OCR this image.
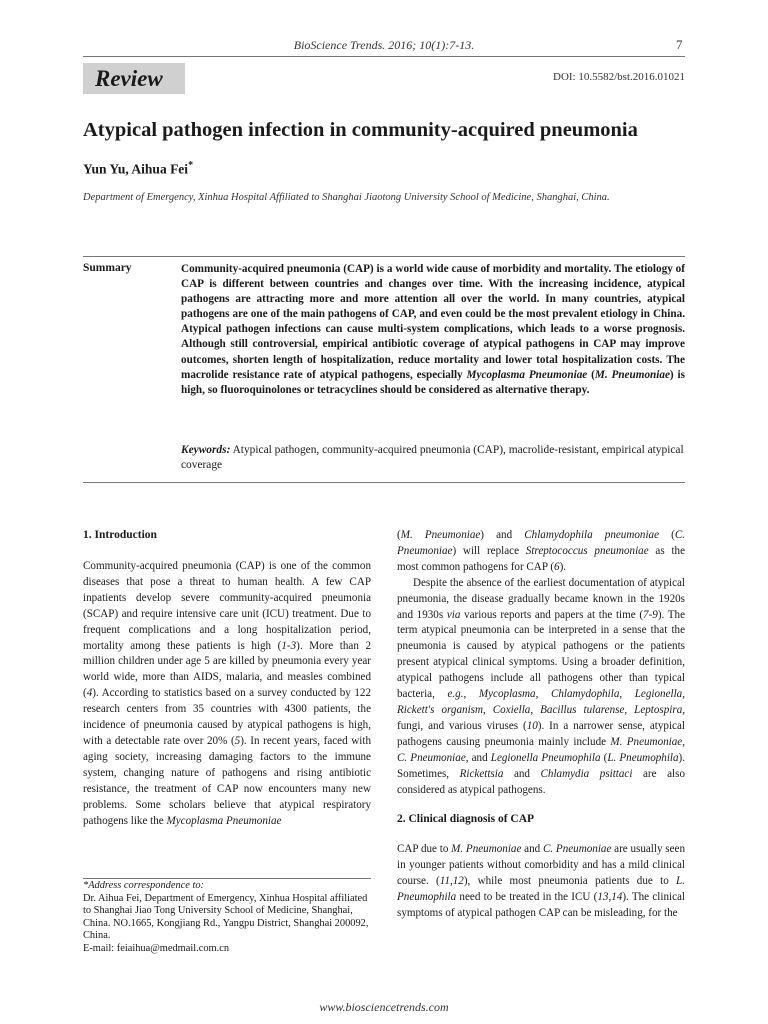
BioScience Trends. 2016; 10(1):7-13.	7
Review	DOI: 10.5582/bst.2016.01021
Atypical pathogen infection in community-acquired pneumonia
Yun Yu, Aihua Fei*
Department of Emergency, Xinhua Hospital Affiliated to Shanghai Jiaotong University School of Medicine, Shanghai, China.
Summary	Community-acquired pneumonia (CAP) is a world wide cause of morbidity and mortality. The etiology of CAP is different between countries and changes over time. With the increasing incidence, atypical pathogens are attracting more and more attention all over the world. In many countries, atypical pathogens are one of the main pathogens of CAP, and even could be the most prevalent etiology in China. Atypical pathogen infections can cause multi-system complications, which leads to a worse prognosis. Although still controversial, empirical antibiotic coverage of atypical pathogens in CAP may improve outcomes, shorten length of hospitalization, reduce mortality and lower total hospitalization costs. The macrolide resistance rate of atypical pathogens, especially Mycoplasma Pneumoniae (M. Pneumoniae) is high, so fluoroquinolones or tetracyclines should be considered as alternative therapy.
Keywords: Atypical pathogen, community-acquired pneumonia (CAP), macrolide-resistant, empirical atypical coverage
1. Introduction

Community-acquired pneumonia (CAP) is one of the common diseases that pose a threat to human health. A few CAP inpatients develop severe community-acquired pneumonia (SCAP) and require intensive care unit (ICU) treatment. Due to frequent complications and a long hospitalization period, mortality among these patients is high (1-3). More than 2 million children under age 5 are killed by pneumonia every year world wide, more than AIDS, malaria, and measles combined (4). According to statistics based on a survey conducted by 122 research centers from 35 countries with 4300 patients, the incidence of pneumonia caused by atypical pathogens is high, with a detectable rate over 20% (5). In recent years, faced with aging society, increasing damaging factors to the immune system, changing nature of pathogens and rising antibiotic resistance, the treatment of CAP now encounters many new problems. Some scholars believe that atypical respiratory pathogens like the Mycoplasma Pneumoniae

*Address correspondence to:
Dr. Aihua Fei, Department of Emergency, Xinhua Hospital affiliated to Shanghai Jiao Tong University School of Medicine, Shanghai, China. NO.1665, Kongjiang Rd., Yangpu District, Shanghai 200092, China.
E-mail: feiaihua@medmail.com.cn

(M. Pneumoniae) and Chlamydophila pneumoniae (C. Pneumoniae) will replace Streptococcus pneumoniae as the most common pathogens for CAP (6).

Despite the absence of the earliest documentation of atypical pneumonia, the disease gradually became known in the 1920s and 1930s via various reports and papers at the time (7-9). The term atypical pneumonia can be interpreted in a sense that the pneumonia is caused by atypical pathogens or the patients present atypical clinical symptoms. Using a broader definition, atypical pathogens include all pathogens other than typical bacteria, e.g., Mycoplasma, Chlamydophila, Legionella, Rickett's organism, Coxiella, Bacillus tularense, Leptospira, fungi, and various viruses (10). In a narrower sense, atypical pathogens causing pneumonia mainly include M. Pneumoniae, C. Pneumoniae, and Legionella Pneumophila (L. Pneumophila). Sometimes, Rickettsia and Chlamydia psittaci are also considered as atypical pathogens.

2. Clinical diagnosis of CAP

CAP due to M. Pneumoniae and C. Pneumoniae are usually seen in younger patients without comorbidity and has a mild clinical course. (11,12), while most pneumonia patients due to L. Pneumophila need to be treated in the ICU (13,14). The clinical symptoms of atypical pathogen CAP can be misleading, for the

www.biosciencetrends.com
